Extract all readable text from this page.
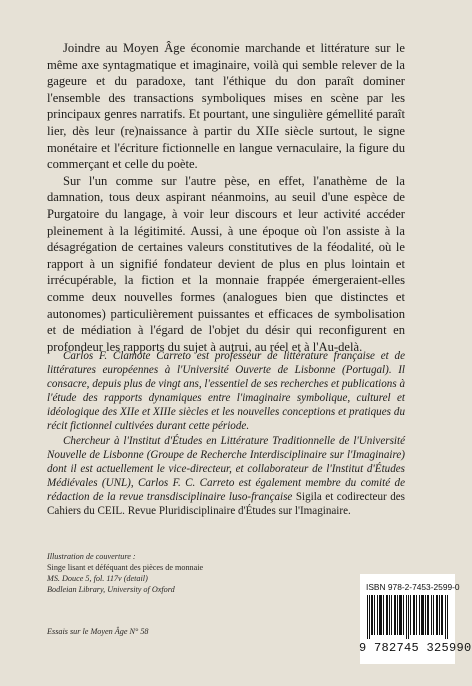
Joindre au Moyen Âge économie marchande et littérature sur le même axe syntagmatique et imaginaire, voilà qui semble relever de la gageure et du paradoxe, tant l'éthique du don paraît dominer l'ensemble des transactions symboliques mises en scène par les principaux genres narratifs. Et pourtant, une singulière gémellité paraît lier, dès leur (re)naissance à partir du XIIe siècle surtout, le signe monétaire et l'écriture fictionnelle en langue vernaculaire, la figure du commerçant et celle du poète.

Sur l'un comme sur l'autre pèse, en effet, l'anathème de la damnation, tous deux aspirant néanmoins, au seuil d'une espèce de Purgatoire du langage, à voir leur discours et leur activité accéder pleinement à la légitimité. Aussi, à une époque où l'on assiste à la désagrégation de certaines valeurs constitutives de la féodalité, où le rapport à un signifié fondateur devient de plus en plus lointain et irrécupérable, la fiction et la monnaie frappée émergeraient-elles comme deux nouvelles formes (analogues bien que distinctes et autonomes) particulièrement puissantes et efficaces de symbolisation et de médiation à l'égard de l'objet du désir qui reconfigurent en profondeur les rapports du sujet à autrui, au réel et à l'Au-delà.

Carlos F. Clamote Carreto est professeur de littérature française et de littératures européennes à l'Université Ouverte de Lisbonne (Portugal). Il consacre, depuis plus de vingt ans, l'essentiel de ses recherches et publications à l'étude des rapports dynamiques entre l'imaginaire symbolique, culturel et idéologique des XIIe et XIIIe siècles et les nouvelles conceptions et pratiques du récit fictionnel cultivées durant cette période.

Chercheur à l'Institut d'Études en Littérature Traditionnelle de l'Université Nouvelle de Lisbonne (Groupe de Recherche Interdisciplinaire sur l'Imaginaire) dont il est actuellement le vice-directeur, et collaborateur de l'Institut d'Études Médiévales (UNL), Carlos F. C. Carreto est également membre du comité de rédaction de la revue transdisciplinaire luso-française Sigila et codirecteur des Cahiers du CEIL. Revue Pluridisciplinaire d'Études sur l'Imaginaire.

Illustration de couverture :
Singe lisant et déféquant des pièces de monnaie
MS. Douce 5, fol. 117v (detail)
Bodleian Library, University of Oxford
Essais sur le Moyen Âge N° 58
ISBN 978-2-7453-2599-0
9 782745 325990
